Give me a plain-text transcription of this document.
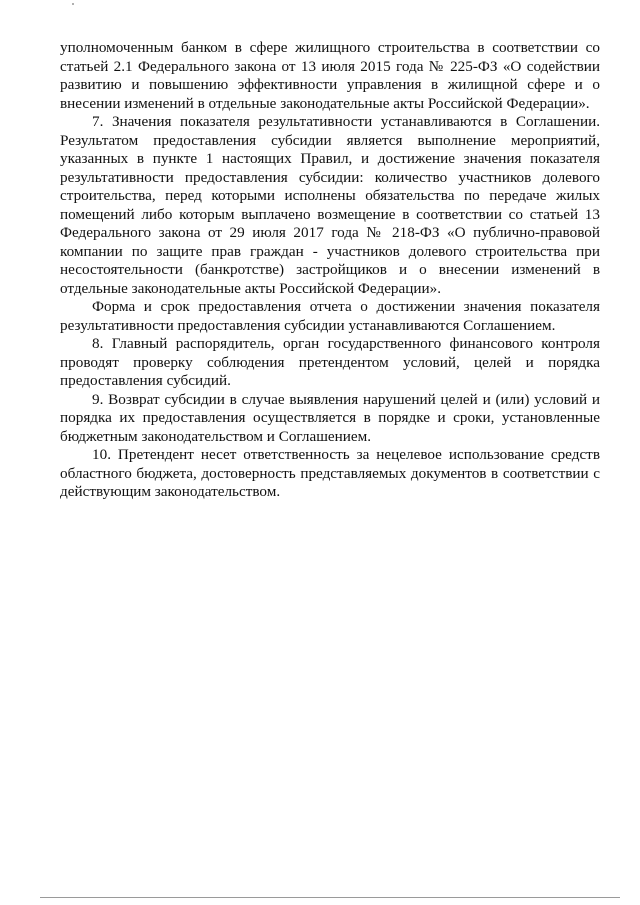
уполномоченным банком в сфере жилищного строительства в соответствии со статьей 2.1 Федерального закона от 13 июля 2015 года № 225-ФЗ «О содействии развитию и повышению эффективности управления в жилищной сфере и о внесении изменений в отдельные законодательные акты Российской Федерации».

7. Значения показателя результативности устанавливаются в Соглашении. Результатом предоставления субсидии является выполнение мероприятий, указанных в пункте 1 настоящих Правил, и достижение значения показателя результативности предоставления субсидии: количество участников долевого строительства, перед которыми исполнены обязательства по передаче жилых помещений либо которым выплачено возмещение в соответствии со статьей 13 Федерального закона от 29 июля 2017 года № 218-ФЗ «О публично-правовой компании по защите прав граждан - участников долевого строительства при несостоятельности (банкротстве) застройщиков и о внесении изменений в отдельные законодательные акты Российской Федерации».

Форма и срок предоставления отчета о достижении значения показателя результативности предоставления субсидии устанавливаются Соглашением.

8. Главный распорядитель, орган государственного финансового контроля проводят проверку соблюдения претендентом условий, целей и порядка предоставления субсидий.

9. Возврат субсидии в случае выявления нарушений целей и (или) условий и порядка их предоставления осуществляется в порядке и сроки, установленные бюджетным законодательством и Соглашением.

10. Претендент несет ответственность за нецелевое использование средств областного бюджета, достоверность представляемых документов в соответствии с действующим законодательством.
